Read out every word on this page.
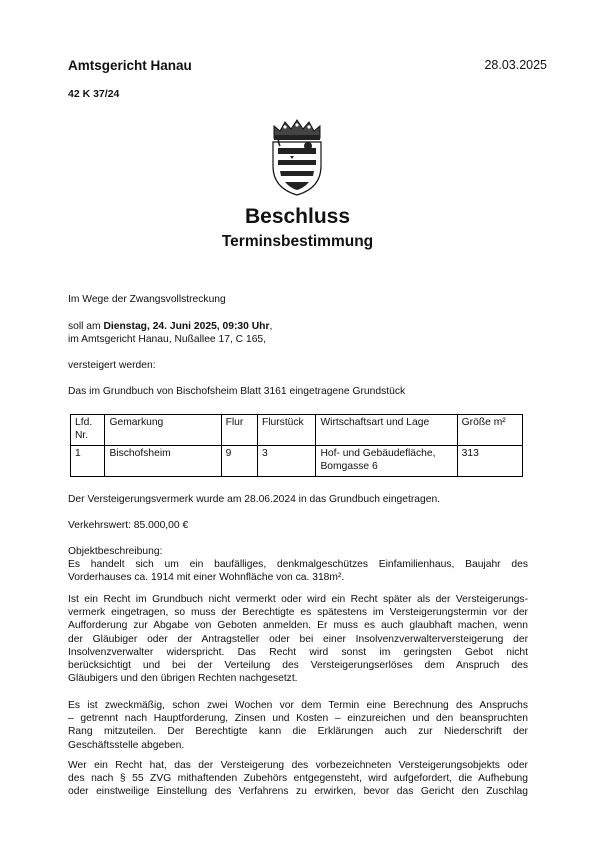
Amtsgericht Hanau	28.03.2025
42 K 37/24
Beschluss
Terminsbestimmung
Im Wege der Zwangsvollstreckung
soll am Dienstag, 24. Juni 2025, 09:30 Uhr,
im Amtsgericht Hanau, Nußallee 17, C 165,
versteigert werden:
Das im Grundbuch von Bischofsheim Blatt 3161 eingetragene Grundstück
Lfd. Nr.	Gemarkung	Flur	Flurstück	Wirtschaftsart und Lage	Größe m²
1	Bischofsheim	9	3	Hof- und Gebäudefläche, Bomgasse 6	313
Der Versteigerungsvermerk wurde am 28.06.2024 in das Grundbuch eingetragen.
Verkehrswert: 85.000,00 €
Objektbeschreibung:
Es handelt sich um ein baufälliges, denkmalgeschützes Einfamilienhaus, Baujahr des
Vorderhauses ca. 1914 mit einer Wohnfläche von ca. 318m².
Ist ein Recht im Grundbuch nicht vermerkt oder wird ein Recht später als der Versteigerungs-
vermerk eingetragen, so muss der Berechtigte es spätestens im Versteigerungstermin vor der
Aufforderung zur Abgabe von Geboten anmelden. Er muss es auch glaubhaft machen, wenn
der Gläubiger oder der Antragsteller oder bei einer Insolvenzverwalterversteigerung der
Insolvenzverwalter widerspricht. Das Recht wird sonst im geringsten Gebot nicht
berücksichtigt und bei der Verteilung des Versteigerungserlöses dem Anspruch des
Gläubigers und den übrigen Rechten nachgesetzt.
Es ist zweckmäßig, schon zwei Wochen vor dem Termin eine Berechnung des Anspruchs
– getrennt nach Hauptforderung, Zinsen und Kosten – einzureichen und den beanspruchten
Rang mitzuteilen. Der Berechtigte kann die Erklärungen auch zur Niederschrift der
Geschäftsstelle abgeben.
Wer ein Recht hat, das der Versteigerung des vorbezeichneten Versteigerungsobjekts oder
des nach § 55 ZVG mithaftenden Zubehörs entgegensteht, wird aufgefordert, die Aufhebung
oder einstweilige Einstellung des Verfahrens zu erwirken, bevor das Gericht den Zuschlag
